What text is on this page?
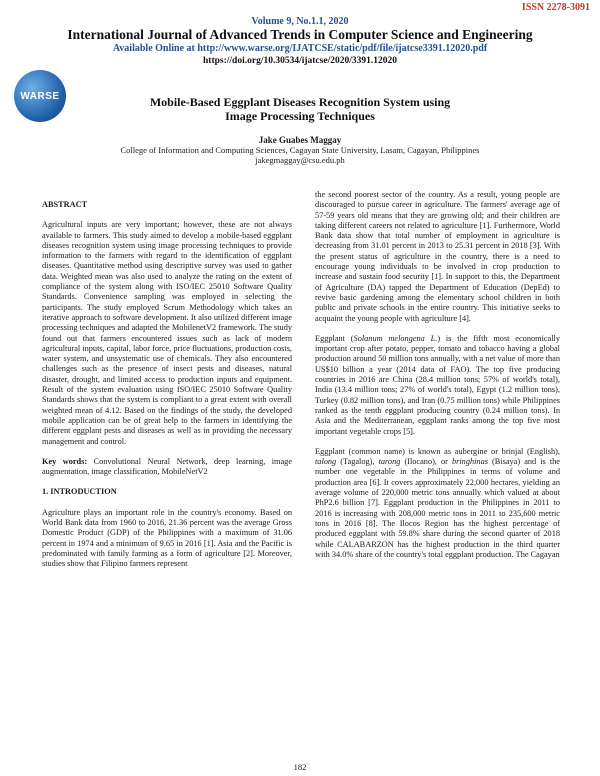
ISSN 2278-3091
Volume 9, No.1.1, 2020
International Journal of Advanced Trends in Computer Science and Engineering
Available Online at http://www.warse.org/IJATCSE/static/pdf/file/ijatcse3391.12020.pdf
https://doi.org/10.30534/ijatcse/2020/3391.12020
WARSE	Mobile-Based Eggplant Diseases Recognition System using
Image Processing Techniques
Jake Guabes Maggay
College of Information and Computing Sciences, Cagayan State University, Lasam, Cagayan, Philippines
jakegmaggay@csu.edu.ph

ABSTRACT

Agricultural inputs are very important; however, these are not always available to farmers. This study aimed to develop a mobile-based eggplant diseases recognition system using image processing techniques to provide information to the farmers with regard to the identification of eggplant diseases. Quantitative method using descriptive survey was used to gather data. Weighted mean was also used to analyze the rating on the extent of compliance of the system along with ISO/IEC 25010 Software Quality Standards. Convenience sampling was employed in selecting the participants. The study employed Scrum Methodology which takes an iterative approach to software development. It also utilized different image processing techniques and adapted the MobilenetV2 framework. The study found out that farmers encountered issues such as lack of modern agricultural inputs, capital, labor force, price fluctuations, production costs, water system, and unsystematic use of chemicals. They also encountered challenges such as the presence of insect pests and diseases, natural disaster, drought, and limited access to production inputs and equipment. Result of the system evaluation using ISO/IEC 25010 Software Quality Standards shows that the system is compliant to a great extent with overall weighted mean of 4.12. Based on the findings of the study, the developed mobile application can be of great help to the farmers in identifying the different eggplant pests and diseases as well as in providing the necessary management and control.

Key words: Convolutional Neural Network, deep learning, image augmentation, image classification, MobileNetV2

1. INTRODUCTION

Agriculture plays an important role in the country's economy. Based on World Bank data from 1960 to 2016, 21.36 percent was the average Gross Domestic Product (GDP) of the Philippines with a maximum of 31.06 percent in 1974 and a minimum of 9.65 in 2016 [1]. Asia and the Pacific is predominated with family farming as a form of agriculture [2]. Moreover, studies show that Filipino farmers represent

the second poorest sector of the country. As a result, young people are discouraged to pursue career in agriculture. The farmers' average age of 57-59 years old means that they are growing old; and their children are taking different careers not related to agriculture [1]. Furthermore, World Bank data show that total number of employment in agriculture is decreasing from 31.01 percent in 2013 to 25.31 percent in 2018 [3]. With the present status of agriculture in the country, there is a need to encourage young individuals to be involved in crop production to increase and sustain food security [1]. In support to this, the Department of Agriculture (DA) tapped the Department of Education (DepEd) to revive basic gardening among the elementary school children in both public and private schools in the entire country. This initiative seeks to acquaint the young people with agriculture [4].

Eggplant (Solanum melongena L.) is the fifth most economically important crop after potato, pepper, tomato and tobacco having a global production around 50 million tons annually, with a net value of more than US$10 billion a year (2014 data of FAO). The top five producing countries in 2016 are China (28.4 million tons; 57% of world's total), India (13.4 million tons; 27% of world's total), Egypt (1.2 million tons), Turkey (0.82 million tons), and Iran (0.75 million tons) while Philippines ranked as the tenth eggplant producing country (0.24 million tons). In Asia and the Mediterranean, eggplant ranks among the top five most important vegetable crops [5].

Eggplant (common name) is known as aubergine or brinjal (English), talong (Tagalog), tarong (Ilocano), or bringhinas (Bisaya) and is the number one vegetable in the Philippines in terms of volume and production area [6]. It covers approximately 22,000 hectares, yielding an average volume of 220,000 metric tons annually which valued at about PhP2.6 billion [7]. Eggplant production in the Philippines in 2011 to 2016 is increasing with 208,000 metric tons in 2011 to 235,600 metric tons in 2016 [8]. The Ilocos Region has the highest percentage of produced eggplant with 59.8% share during the second quarter of 2018 while CALABARZON has the highest production in the third quarter with 34.0% share of the country's total eggplant production. The Cagayan

182
